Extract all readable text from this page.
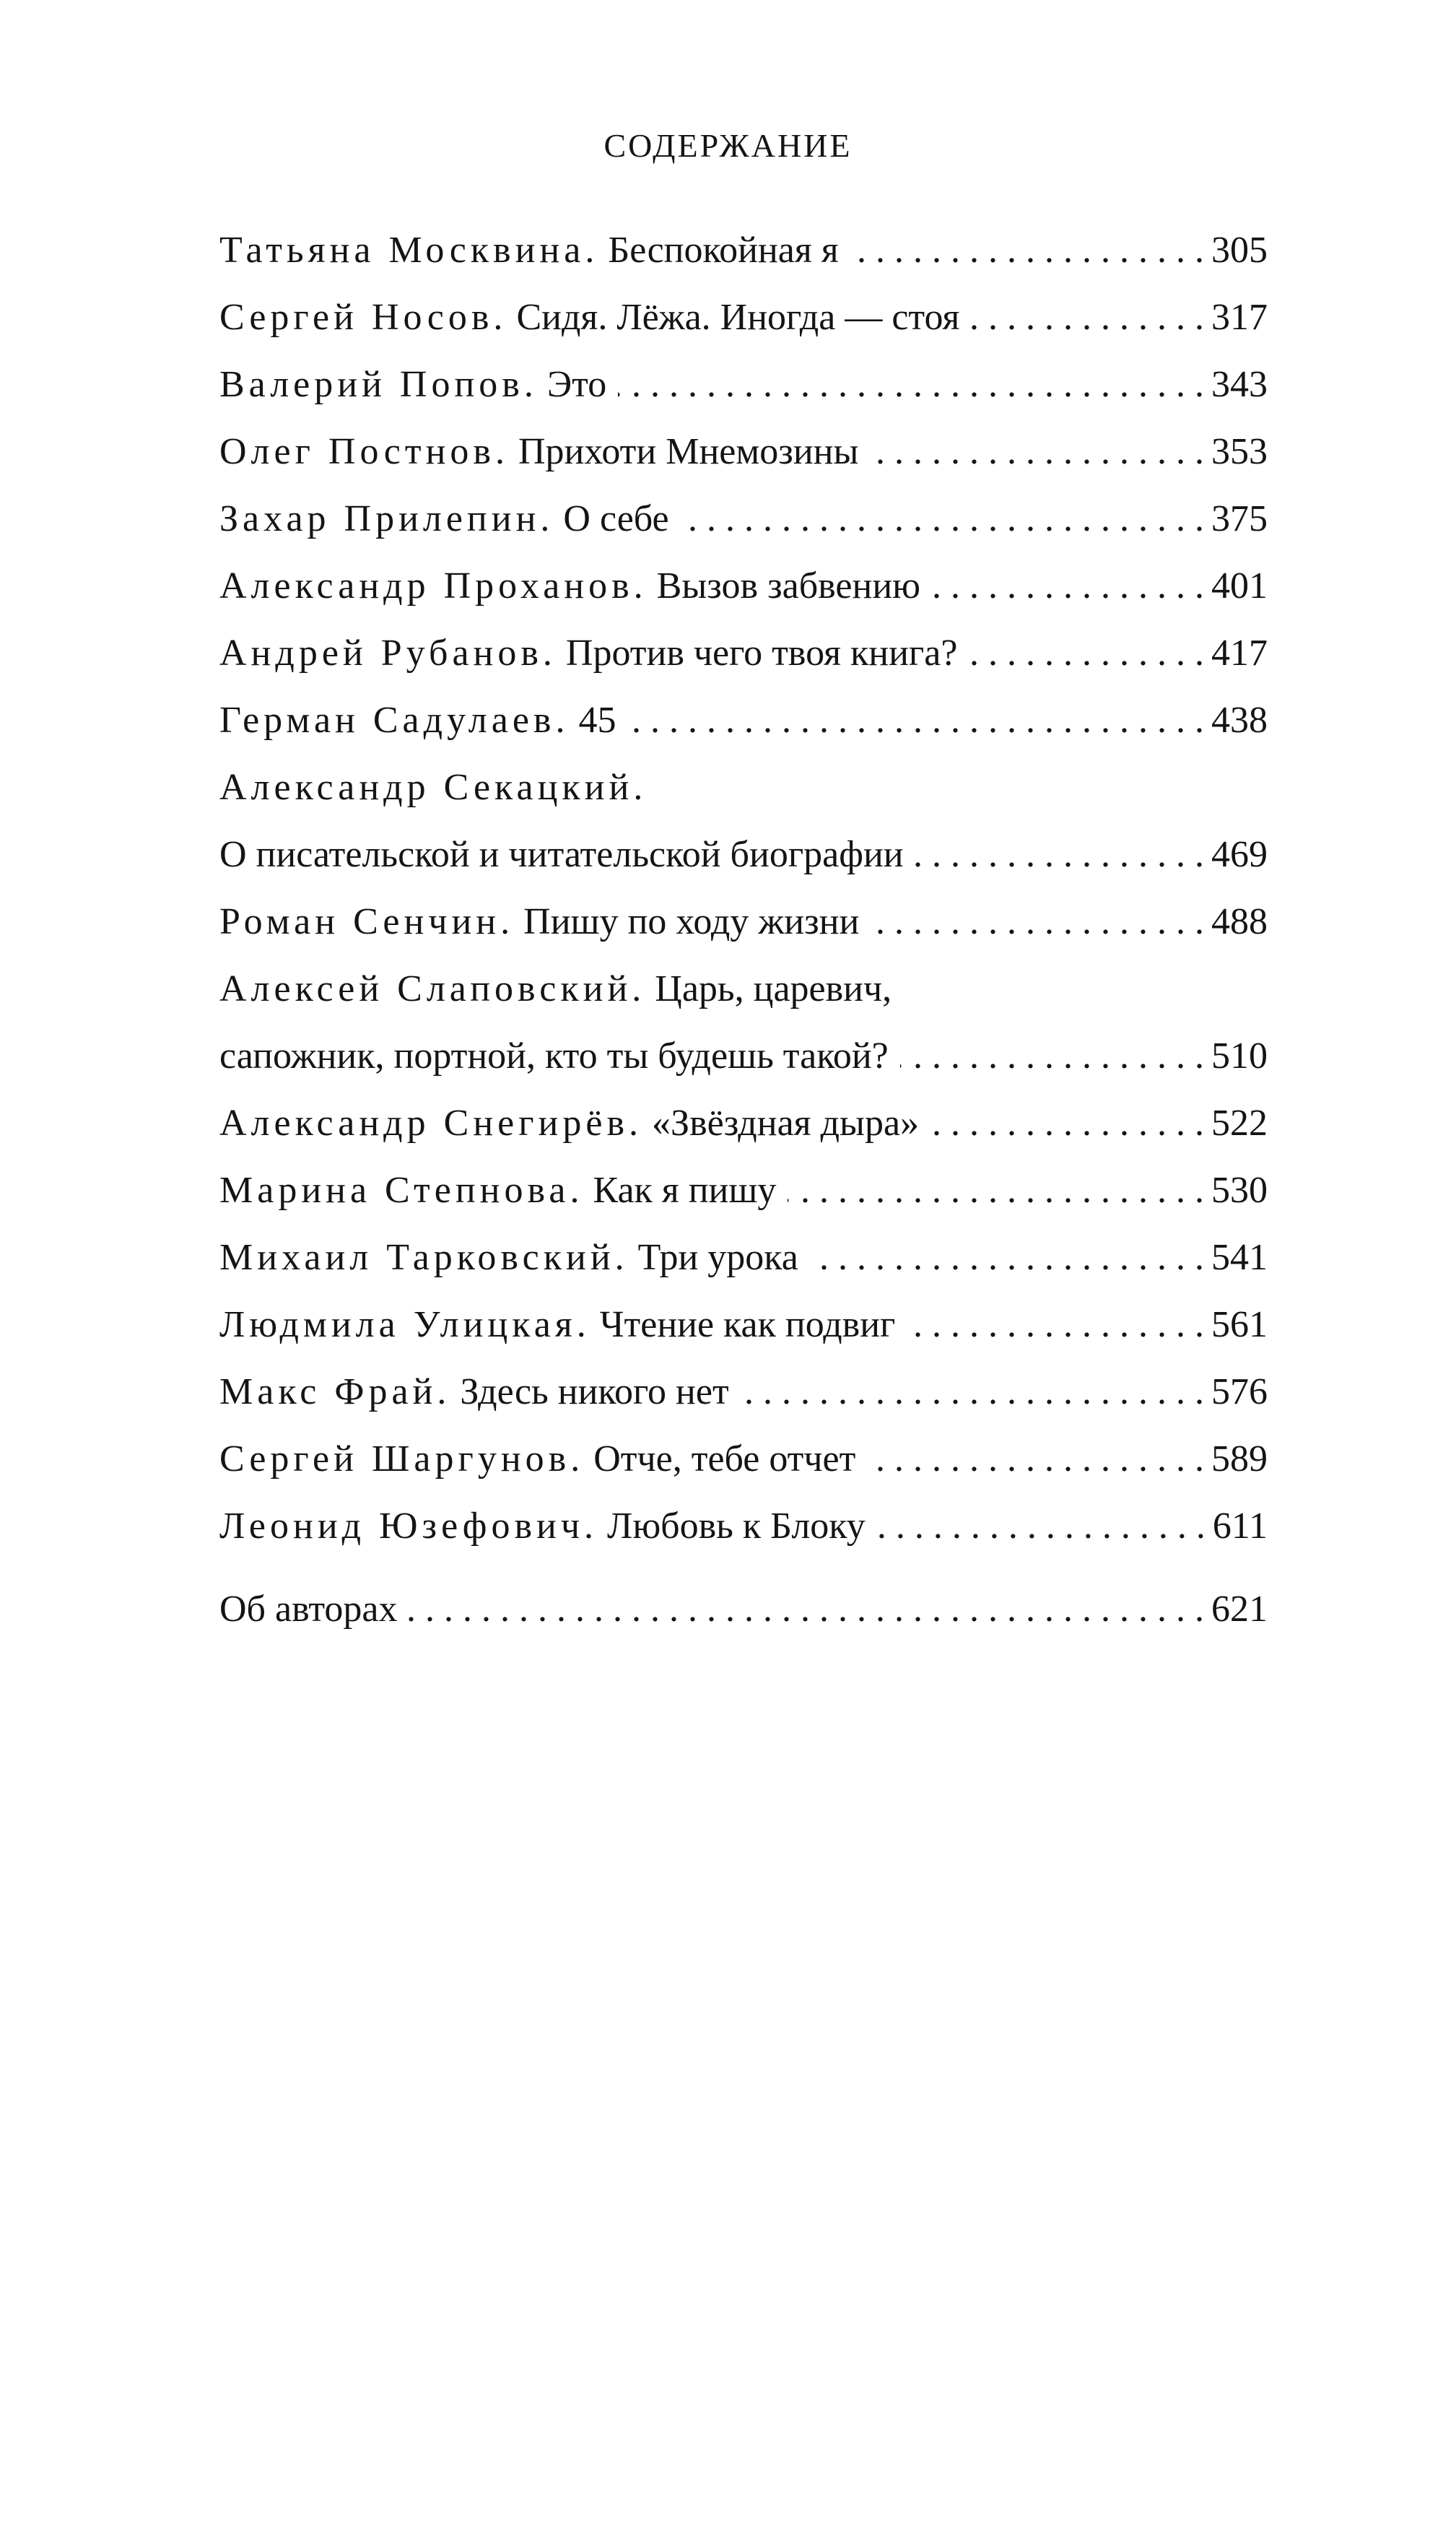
СОДЕРЖАНИЕ
Татьяна Москвина.
Беспокойная я . . .	305
Сергей Носов.
Сидя. Лёжа. Иногда — стоя . . .	317
Валерий Попов.
Это . . .	343
Олег Постнов.
Прихоти Мнемозины . . .	353
Захар Прилепин.
О себе . . .	375
Александр Проханов.
Вызов забвению . . .	401
Андрей Рубанов.
Против чего твоя книга? . . .	417
Герман Садулаев.
45 . . .	438
Александр Секацкий.
О писательской и читательской биографии . . .	469
Роман Сенчин.
Пишу по ходу жизни . . .	488
Алексей Слаповский. Царь, царевич,
сапожник, портной, кто ты будешь такой? . . .	510
Александр Снегирёв.
«Звёздная дыра» . . .	522
Марина Степнова.
Как я пишу . . .	530
Михаил Тарковский.
Три урока . . .	541
Людмила Улицкая.
Чтение как подвиг . . .	561
Макс Фрай.
Здесь никого нет . . .	576
Сергей Шаргунов.
Отче, тебе отчет . . .	589
Леонид Юзефович.
Любовь к Блоку . . .	611
Об авторах . . .	621
